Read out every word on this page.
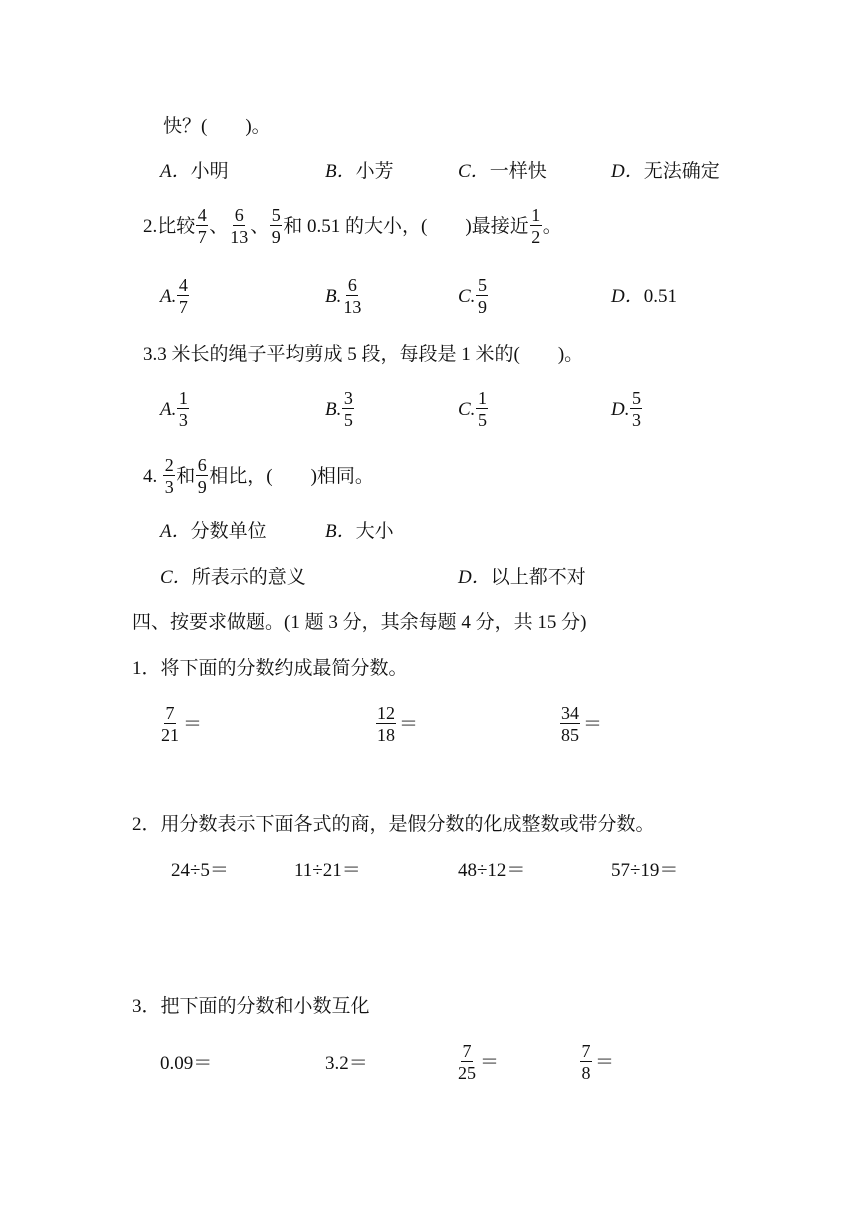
快？(　　)。
A． 小明	B． 小芳	C． 一样快	D． 无法确定
2.比较 $\frac{4}{7}$ 、 $\frac{6}{13}$ 、 $\frac{5}{9}$ 和 0.51 的大小，(　　)最接近 $\frac{1}{2}$ 。
A. $\frac{4}{7}$	B. $\frac{6}{13}$	C. $\frac{5}{9}$	D． 0.51
3.3 米长的绳子平均剪成 5 段，每段是 1 米的(　　)。
A. $\frac{1}{3}$	B. $\frac{3}{5}$	C. $\frac{1}{5}$	D. $\frac{5}{3}$
4. $\frac{2}{3}$ 和 $\frac{6}{9}$ 相比，(　　)相同。
A． 分数单位	B． 大小
C． 所表示的意义	D． 以上都不对
四、按要求做题。(1 题 3 分，其余每题 4 分，共 15 分)
1．将下面的分数约成最简分数。
$\frac{7}{21}$ ＝	$\frac{12}{18}$ ＝	$\frac{34}{85}$ ＝
2．用分数表示下面各式的商，是假分数的化成整数或带分数。
24÷5＝	11÷21＝	48÷12＝	57÷19＝
3．把下面的分数和小数互化
0.09＝	3.2＝	$\frac{7}{25}$ ＝	$\frac{7}{8}$ ＝
